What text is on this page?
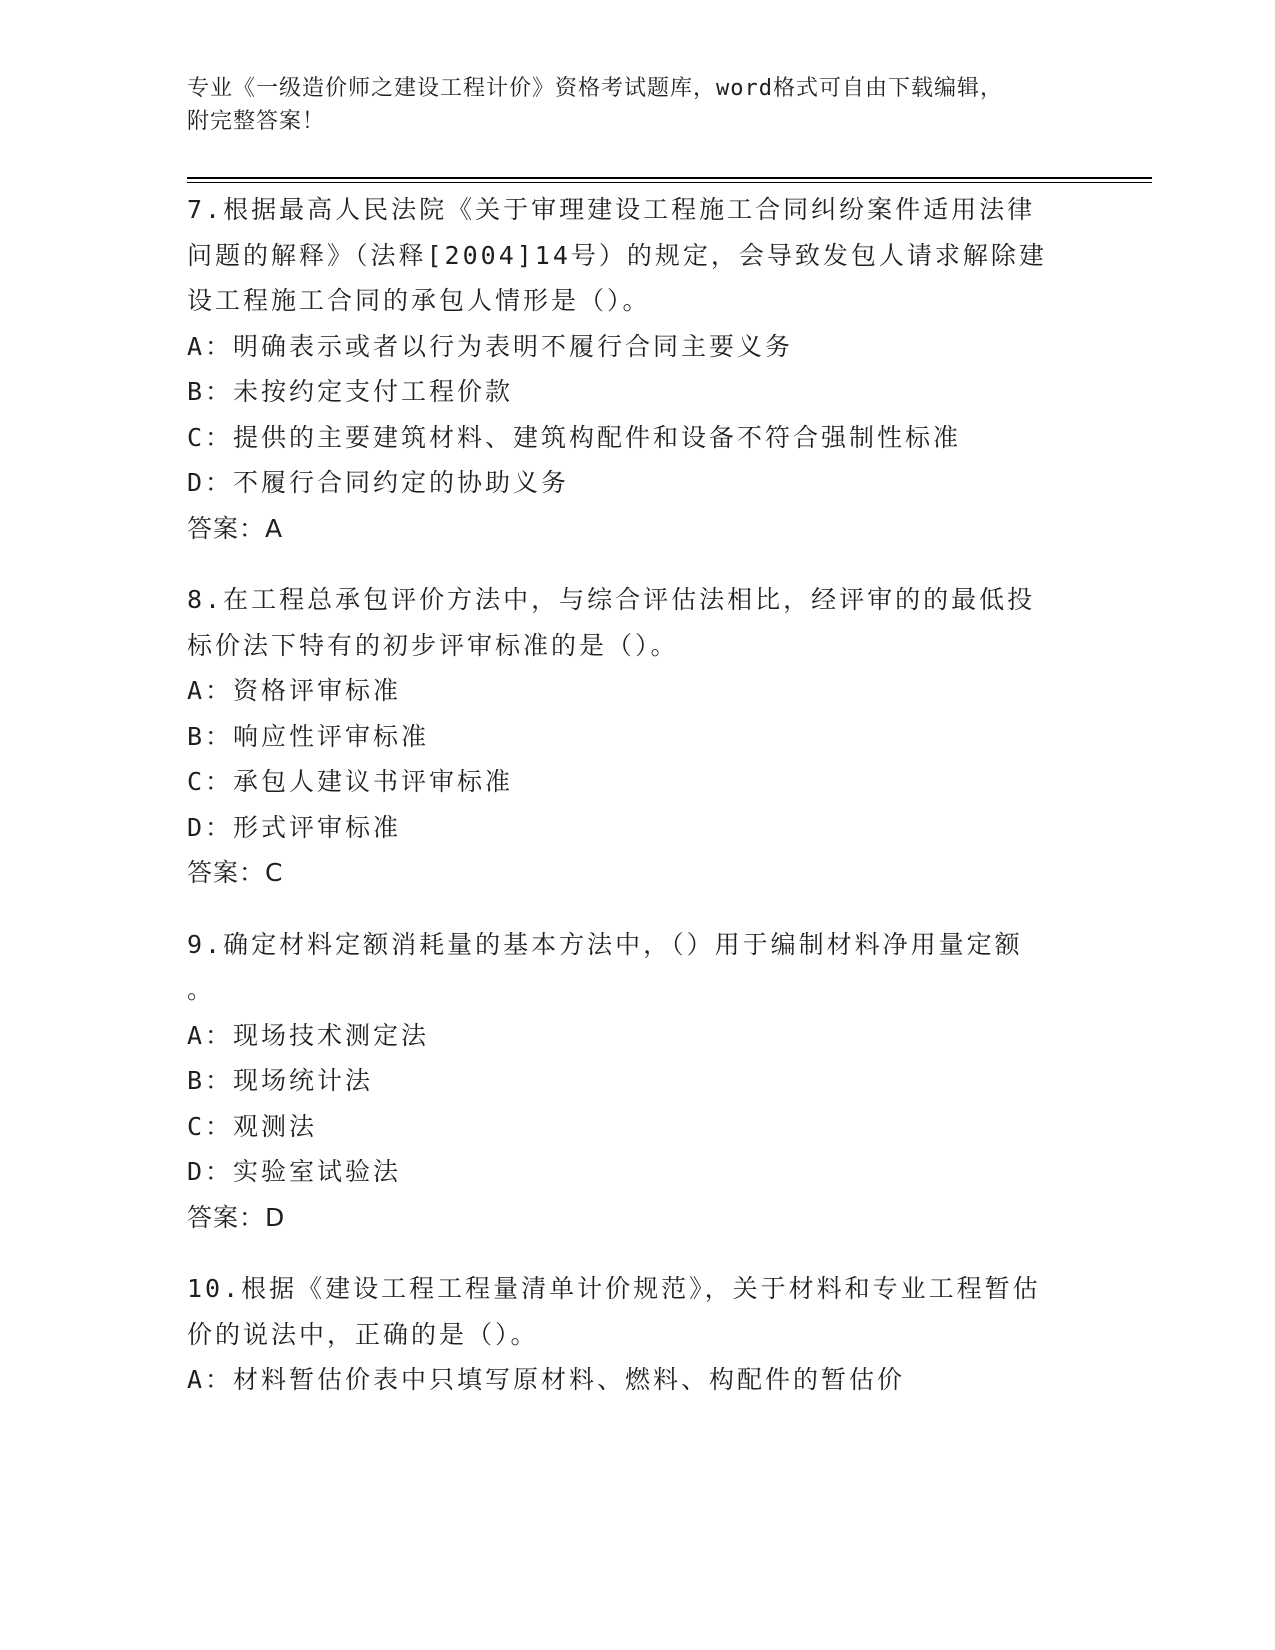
专业《一级造价师之建设工程计价》资格考试题库，word格式可自由下载编辑，
附完整答案！
7.根据最高人民法院《关于审理建设工程施工合同纠纷案件适用法律
问题的解释》（法释[2004]14号）的规定，会导致发包人请求解除建
设工程施工合同的承包人情形是（）。
A：明确表示或者以行为表明不履行合同主要义务
B：未按约定支付工程价款
C：提供的主要建筑材料、建筑构配件和设备不符合强制性标准
D：不履行合同约定的协助义务
答案：A
8.在工程总承包评价方法中，与综合评估法相比，经评审的的最低投
标价法下特有的初步评审标准的是（）。
A：资格评审标准
B：响应性评审标准
C：承包人建议书评审标准
D：形式评审标准
答案：C
9.确定材料定额消耗量的基本方法中，（）用于编制材料净用量定额
。
A：现场技术测定法
B：现场统计法
C：观测法
D：实验室试验法
答案：D
10.根据《建设工程工程量清单计价规范》，关于材料和专业工程暂估
价的说法中，正确的是（）。
A：材料暂估价表中只填写原材料、燃料、构配件的暂估价
